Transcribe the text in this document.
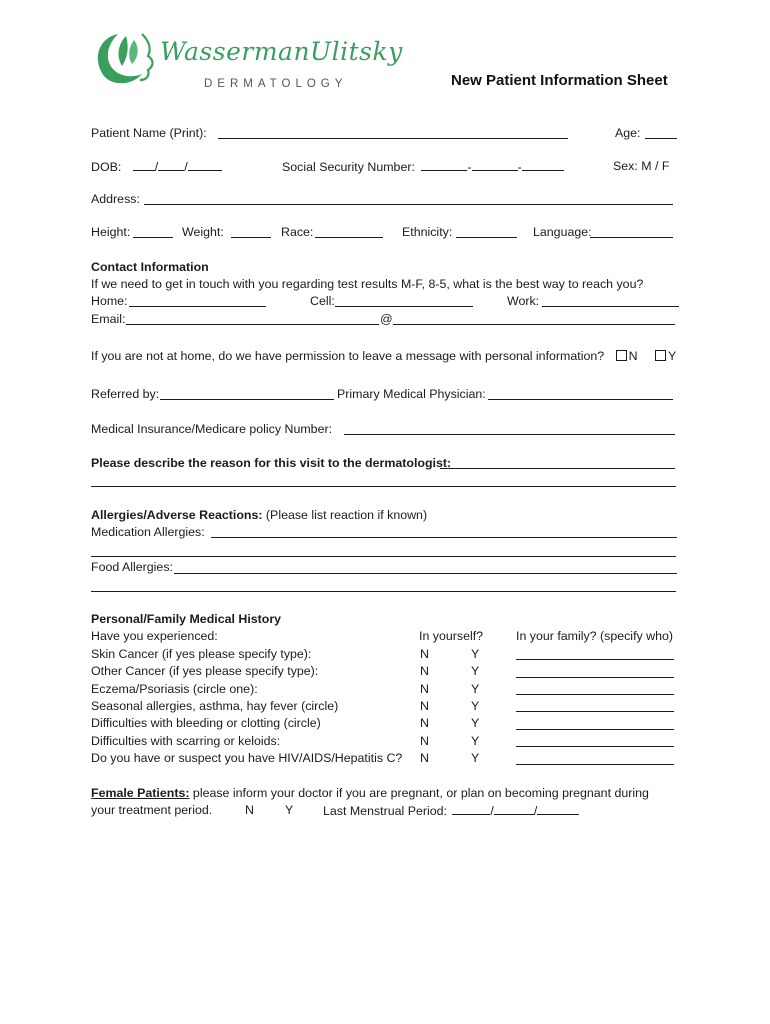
WassermanUlitsky
DERMATOLOGY	New Patient Information Sheet
Patient Name (Print):	Age:
DOB:	/ /	Social Security Number:	-	-	Sex: M / F
Address:
Height:	Weight:	Race:	Ethnicity:	Language:
Contact Information
If we need to get in touch with you regarding test results M-F, 8-5, what is the best way to reach you?
Home:	Cell:	Work:
Email:	@
If you are not at home, do we have permission to leave a message with personal information? N Y
Referred by:	Primary Medical Physician:
Medical Insurance/Medicare policy Number:
Please describe the reason for this visit to the dermatologist:
Allergies/Adverse Reactions: (Please list reaction if known)
Medication Allergies:
Food Allergies:
Personal/Family Medical History
Have you experienced:	In yourself?	In your family? (specify who)
Skin Cancer (if yes please specify type):	N	Y
Other Cancer (if yes please specify type):	N	Y
Eczema/Psoriasis (circle one):	N	Y
Seasonal allergies, asthma, hay fever (circle)	N	Y
Difficulties with bleeding or clotting (circle)	N	Y
Difficulties with scarring or keloids:	N	Y
Do you have or suspect you have HIV/AIDS/Hepatitis C? N	Y
Female Patients: please inform your doctor if you are pregnant, or plan on becoming pregnant during
your treatment period.	N	Y Last Menstrual Period:	/	/
